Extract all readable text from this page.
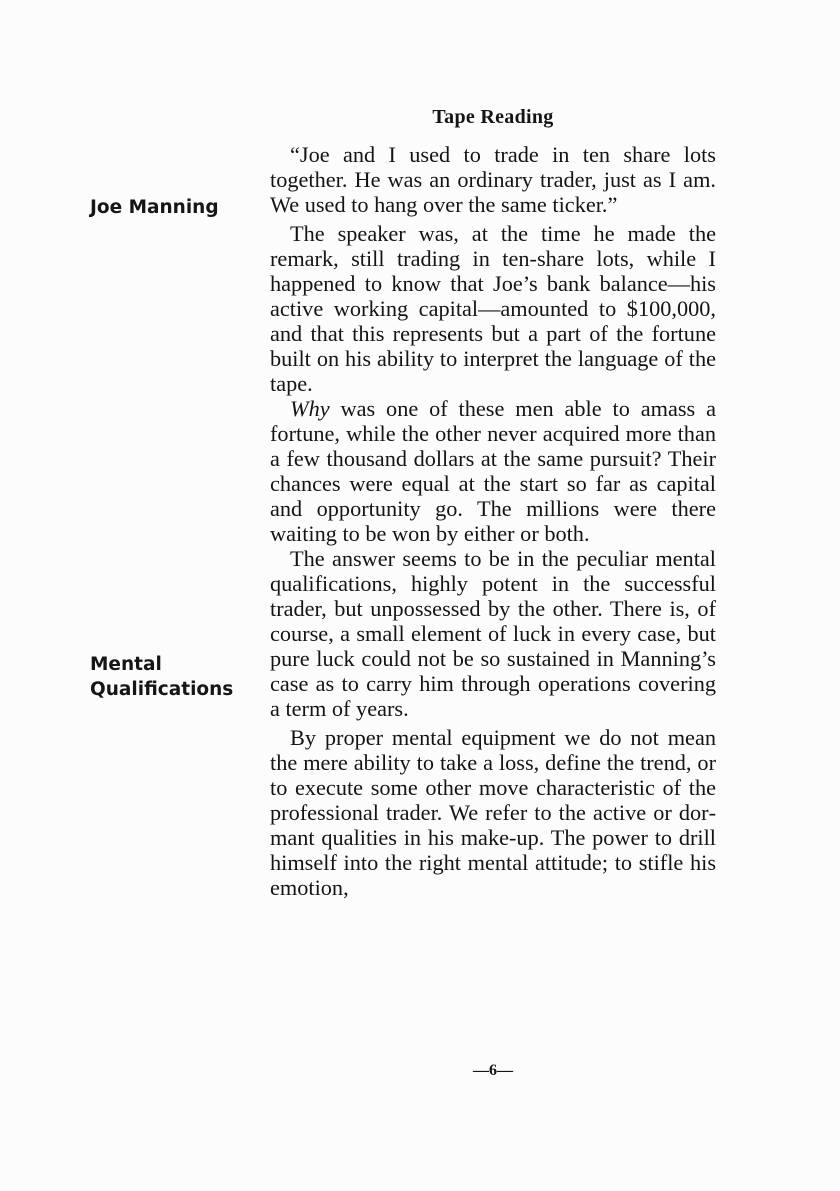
Tape Reading
Joe Manning
Mental
Qualifications

“Joe and I used to trade in ten share lots together. He was an ordinary trader, just as I am. We used to hang over the same ticker.”

The speaker was, at the time he made the remark, still trading in ten-share lots, while I happened to know that Joe’s bank balance—his active working capital—amounted to $100,000, and that this represents but a part of the fortune built on his ability to interpret the language of the tape.

Why was one of these men able to amass a fortune, while the other never acquired more than a few thousand dollars at the same pursuit? Their chances were equal at the start so far as capital and opportunity go. The millions were there waiting to be won by either or both.

The answer seems to be in the peculiar mental qualifications, highly potent in the successful trader, but unpossessed by the other. There is, of course, a small element of luck in every case, but pure luck could not be so sustained in Manning’s case as to carry him through operations covering a term of years.

By proper mental equipment we do not mean the mere ability to take a loss, define the trend, or to execute some other move characteristic of the professional trader. We refer to the active or dormant qualities in his make-up. The power to drill himself into the right mental attitude; to stifle his emotion,

—6—
